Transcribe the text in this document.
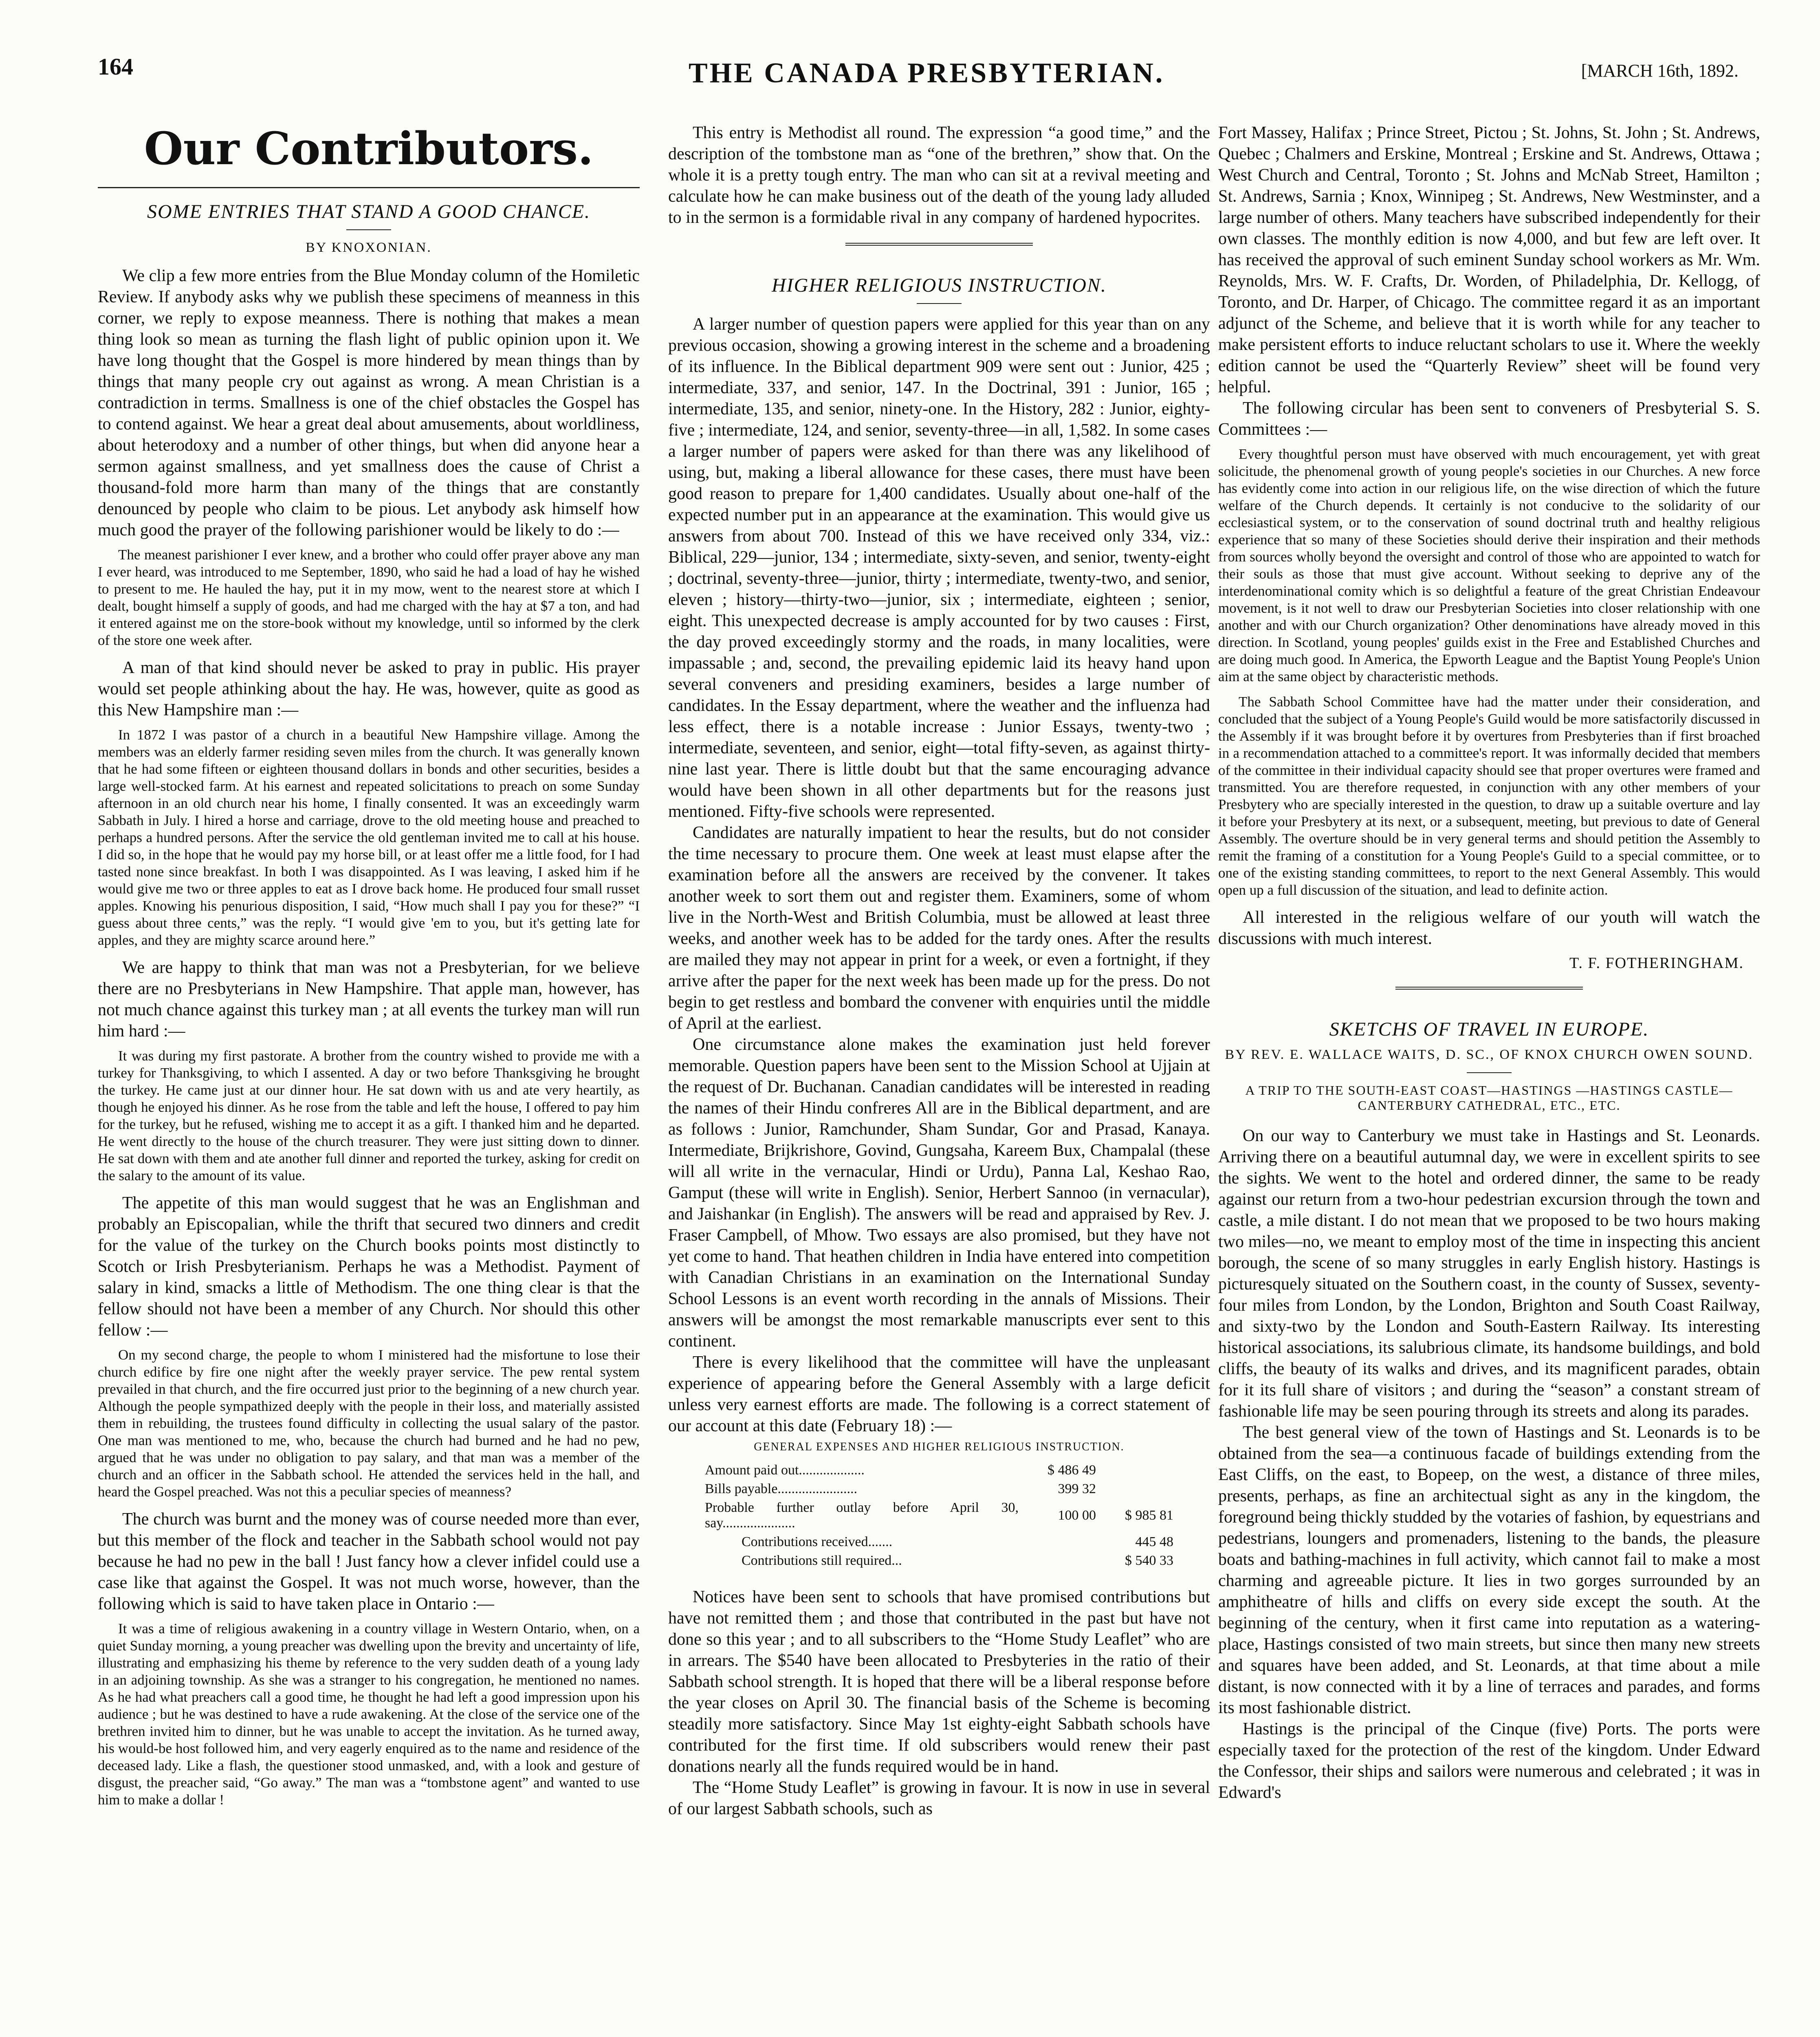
164	THE CANADA PRESBYTERIAN.	[MARCH 16th, 1892.
Our Contributors.
SOME ENTRIES THAT STAND A GOOD CHANCE.
BY KNOXONIAN.

We clip a few more entries from the Blue Monday column of the Homiletic Review. If anybody asks why we publish these specimens of meanness in this corner, we reply to expose meanness. There is nothing that makes a mean thing look so mean as turning the flash light of public opinion upon it. We have long thought that the Gospel is more hindered by mean things than by things that many people cry out against as wrong. A mean Christian is a contradiction in terms. Smallness is one of the chief obstacles the Gospel has to contend against. We hear a great deal about amusements, about worldliness, about heterodoxy and a number of other things, but when did anyone hear a sermon against smallness, and yet smallness does the cause of Christ a thousand-fold more harm than many of the things that are constantly denounced by people who claim to be pious. Let anybody ask himself how much good the prayer of the following parishioner would be likely to do :—

The meanest parishioner I ever knew, and a brother who could offer prayer above any man I ever heard, was introduced to me September, 1890, who said he had a load of hay he wished to present to me. He hauled the hay, put it in my mow, went to the nearest store at which I dealt, bought himself a supply of goods, and had me charged with the hay at $7 a ton, and had it entered against me on the store-book without my knowledge, until so informed by the clerk of the store one week after.

A man of that kind should never be asked to pray in public. His prayer would set people athinking about the hay. He was, however, quite as good as this New Hampshire man :—

In 1872 I was pastor of a church in a beautiful New Hampshire village. Among the members was an elderly farmer residing seven miles from the church. It was generally known that he had some fifteen or eighteen thousand dollars in bonds and other securities, besides a large well-stocked farm. At his earnest and repeated solicitations to preach on some Sunday afternoon in an old church near his home, I finally consented. It was an exceedingly warm Sabbath in July. I hired a horse and carriage, drove to the old meeting house and preached to perhaps a hundred persons. After the service the old gentleman invited me to call at his house. I did so, in the hope that he would pay my horse bill, or at least offer me a little food, for I had tasted none since breakfast. In both I was disappointed. As I was leaving, I asked him if he would give me two or three apples to eat as I drove back home. He produced four small russet apples. Knowing his penurious disposition, I said, “How much shall I pay you for these?” “I guess about three cents,” was the reply. “I would give 'em to you, but it's getting late for apples, and they are mighty scarce around here.”

We are happy to think that man was not a Presbyterian, for we believe there are no Presbyterians in New Hampshire. That apple man, however, has not much chance against this turkey man ; at all events the turkey man will run him hard :—

It was during my first pastorate. A brother from the country wished to provide me with a turkey for Thanksgiving, to which I assented. A day or two before Thanksgiving he brought the turkey. He came just at our dinner hour. He sat down with us and ate very heartily, as though he enjoyed his dinner. As he rose from the table and left the house, I offered to pay him for the turkey, but he refused, wishing me to accept it as a gift. I thanked him and he departed. He went directly to the house of the church treasurer. They were just sitting down to dinner. He sat down with them and ate another full dinner and reported the turkey, asking for credit on the salary to the amount of its value.

The appetite of this man would suggest that he was an Englishman and probably an Episcopalian, while the thrift that secured two dinners and credit for the value of the turkey on the Church books points most distinctly to Scotch or Irish Presbyterianism. Perhaps he was a Methodist. Payment of salary in kind, smacks a little of Methodism. The one thing clear is that the fellow should not have been a member of any Church. Nor should this other fellow :—

On my second charge, the people to whom I ministered had the misfortune to lose their church edifice by fire one night after the weekly prayer service. The pew rental system prevailed in that church, and the fire occurred just prior to the beginning of a new church year. Although the people sympathized deeply with the people in their loss, and materially assisted them in rebuilding, the trustees found difficulty in collecting the usual salary of the pastor. One man was mentioned to me, who, because the church had burned and he had no pew, argued that he was under no obligation to pay salary, and that man was a member of the church and an officer in the Sabbath school. He attended the services held in the hall, and heard the Gospel preached. Was not this a peculiar species of meanness?

The church was burnt and the money was of course needed more than ever, but this member of the flock and teacher in the Sabbath school would not pay because he had no pew in the ball ! Just fancy how a clever infidel could use a case like that against the Gospel. It was not much worse, however, than the following which is said to have taken place in Ontario :—

It was a time of religious awakening in a country village in Western Ontario, when, on a quiet Sunday morning, a young preacher was dwelling upon the brevity and uncertainty of life, illustrating and emphasizing his theme by reference to the very sudden death of a young lady in an adjoining township. As she was a stranger to his congregation, he mentioned no names. As he had what preachers call a good time, he thought he had left a good impression upon his audience ; but he was destined to have a rude awakening. At the close of the service one of the brethren invited him to dinner, but he was unable to accept the invitation. As he turned away, his would-be host followed him, and very eagerly enquired as to the name and residence of the deceased lady. Like a flash, the questioner stood unmasked, and, with a look and gesture of disgust, the preacher said, “Go away.” The man was a “tombstone agent” and wanted to use him to make a dollar !

This entry is Methodist all round. The expression “a good time,” and the description of the tombstone man as “one of the brethren,” show that. On the whole it is a pretty tough entry. The man who can sit at a revival meeting and calculate how he can make business out of the death of the young lady alluded to in the sermon is a formidable rival in any company of hardened hypocrites.

HIGHER RELIGIOUS INSTRUCTION.

A larger number of question papers were applied for this year than on any previous occasion, showing a growing interest in the scheme and a broadening of its influence. In the Biblical department 909 were sent out : Junior, 425 ; intermediate, 337, and senior, 147. In the Doctrinal, 391 : Junior, 165 ; intermediate, 135, and senior, ninety-one. In the History, 282 : Junior, eighty-five ; intermediate, 124, and senior, seventy-three—in all, 1,582. In some cases a larger number of papers were asked for than there was any likelihood of using, but, making a liberal allowance for these cases, there must have been good reason to prepare for 1,400 candidates. Usually about one-half of the expected number put in an appearance at the examination. This would give us answers from about 700. Instead of this we have received only 334, viz.: Biblical, 229—junior, 134 ; intermediate, sixty-seven, and senior, twenty-eight ; doctrinal, seventy-three—junior, thirty ; intermediate, twenty-two, and senior, eleven ; history—thirty-two—junior, six ; intermediate, eighteen ; senior, eight. This unexpected decrease is amply accounted for by two causes : First, the day proved exceedingly stormy and the roads, in many localities, were impassable ; and, second, the prevailing epidemic laid its heavy hand upon several conveners and presiding examiners, besides a large number of candidates. In the Essay department, where the weather and the influenza had less effect, there is a notable increase : Junior Essays, twenty-two ; intermediate, seventeen, and senior, eight—total fifty-seven, as against thirty-nine last year. There is little doubt but that the same encouraging advance would have been shown in all other departments but for the reasons just mentioned. Fifty-five schools were represented.

Candidates are naturally impatient to hear the results, but do not consider the time necessary to procure them. One week at least must elapse after the examination before all the answers are received by the convener. It takes another week to sort them out and register them. Examiners, some of whom live in the North-West and British Columbia, must be allowed at least three weeks, and another week has to be added for the tardy ones. After the results are mailed they may not appear in print for a week, or even a fortnight, if they arrive after the paper for the next week has been made up for the press. Do not begin to get restless and bombard the convener with enquiries until the middle of April at the earliest.

One circumstance alone makes the examination just held forever memorable. Question papers have been sent to the Mission School at Ujjain at the request of Dr. Buchanan. Canadian candidates will be interested in reading the names of their Hindu confreres All are in the Biblical department, and are as follows : Junior, Ramchunder, Sham Sundar, Gor and Prasad, Kanaya. Intermediate, Brijkrishore, Govind, Gungsaha, Kareem Bux, Champalal (these will all write in the vernacular, Hindi or Urdu), Panna Lal, Keshao Rao, Gamput (these will write in English). Senior, Herbert Sannoo (in vernacular), and Jaishankar (in English). The answers will be read and appraised by Rev. J. Fraser Campbell, of Mhow. Two essays are also promised, but they have not yet come to hand. That heathen children in India have entered into competition with Canadian Christians in an examination on the International Sunday School Lessons is an event worth recording in the annals of Missions. Their answers will be amongst the most remarkable manuscripts ever sent to this continent.

There is every likelihood that the committee will have the unpleasant experience of appearing before the General Assembly with a large deficit unless very earnest efforts are made. The following is a correct statement of our account at this date (February 18) :—

GENERAL EXPENSES AND HIGHER RELIGIOUS INSTRUCTION.
Amount paid out...................	$ 486 49	
Bills payable.......................	399 32	
Probable further outlay before April 30, say.....................	100 00	$ 985 81
Contributions received.......		445 48
Contributions still required...		$ 540 33

Notices have been sent to schools that have promised contributions but have not remitted them ; and those that contributed in the past but have not done so this year ; and to all subscribers to the “Home Study Leaflet” who are in arrears. The $540 have been allocated to Presbyteries in the ratio of their Sabbath school strength. It is hoped that there will be a liberal response before the year closes on April 30. The financial basis of the Scheme is becoming steadily more satisfactory. Since May 1st eighty-eight Sabbath schools have contributed for the first time. If old subscribers would renew their past donations nearly all the funds required would be in hand.

The “Home Study Leaflet” is growing in favour. It is now in use in several of our largest Sabbath schools, such as

Fort Massey, Halifax ; Prince Street, Pictou ; St. Johns, St. John ; St. Andrews, Quebec ; Chalmers and Erskine, Montreal ; Erskine and St. Andrews, Ottawa ; West Church and Central, Toronto ; St. Johns and McNab Street, Hamilton ; St. Andrews, Sarnia ; Knox, Winnipeg ; St. Andrews, New Westminster, and a large number of others. Many teachers have subscribed independently for their own classes. The monthly edition is now 4,000, and but few are left over. It has received the approval of such eminent Sunday school workers as Mr. Wm. Reynolds, Mrs. W. F. Crafts, Dr. Worden, of Philadelphia, Dr. Kellogg, of Toronto, and Dr. Harper, of Chicago. The committee regard it as an important adjunct of the Scheme, and believe that it is worth while for any teacher to make persistent efforts to induce reluctant scholars to use it. Where the weekly edition cannot be used the “Quarterly Review” sheet will be found very helpful.

The following circular has been sent to conveners of Presbyterial S. S. Committees :—

Every thoughtful person must have observed with much encouragement, yet with great solicitude, the phenomenal growth of young people's societies in our Churches. A new force has evidently come into action in our religious life, on the wise direction of which the future welfare of the Church depends. It certainly is not conducive to the solidarity of our ecclesiastical system, or to the conservation of sound doctrinal truth and healthy religious experience that so many of these Societies should derive their inspiration and their methods from sources wholly beyond the oversight and control of those who are appointed to watch for their souls as those that must give account. Without seeking to deprive any of the interdenominational comity which is so delightful a feature of the great Christian Endeavour movement, is it not well to draw our Presbyterian Societies into closer relationship with one another and with our Church organization? Other denominations have already moved in this direction. In Scotland, young peoples' guilds exist in the Free and Established Churches and are doing much good. In America, the Epworth League and the Baptist Young People's Union aim at the same object by characteristic methods.

The Sabbath School Committee have had the matter under their consideration, and concluded that the subject of a Young People's Guild would be more satisfactorily discussed in the Assembly if it was brought before it by overtures from Presbyteries than if first broached in a recommendation attached to a committee's report. It was informally decided that members of the committee in their individual capacity should see that proper overtures were framed and transmitted. You are therefore requested, in conjunction with any other members of your Presbytery who are specially interested in the question, to draw up a suitable overture and lay it before your Presbytery at its next, or a subsequent, meeting, but previous to date of General Assembly. The overture should be in very general terms and should petition the Assembly to remit the framing of a constitution for a Young People's Guild to a special committee, or to one of the existing standing committees, to report to the next General Assembly. This would open up a full discussion of the situation, and lead to definite action.

All interested in the religious welfare of our youth will watch the discussions with much interest.

T. F. FOTHERINGHAM.
SKETCHS OF TRAVEL IN EUROPE.
BY REV. E. WALLACE WAITS, D. SC., OF KNOX CHURCH OWEN SOUND.
A TRIP TO THE SOUTH-EAST COAST—HASTINGS —HASTINGS CASTLE—CANTERBURY CATHEDRAL, ETC., ETC.

On our way to Canterbury we must take in Hastings and St. Leonards. Arriving there on a beautiful autumnal day, we were in excellent spirits to see the sights. We went to the hotel and ordered dinner, the same to be ready against our return from a two-hour pedestrian excursion through the town and castle, a mile distant. I do not mean that we proposed to be two hours making two miles—no, we meant to employ most of the time in inspecting this ancient borough, the scene of so many struggles in early English history. Hastings is picturesquely situated on the Southern coast, in the county of Sussex, seventy-four miles from London, by the London, Brighton and South Coast Railway, and sixty-two by the London and South-Eastern Railway. Its interesting historical associations, its salubrious climate, its handsome buildings, and bold cliffs, the beauty of its walks and drives, and its magnificent parades, obtain for it its full share of visitors ; and during the “season” a constant stream of fashionable life may be seen pouring through its streets and along its parades.

The best general view of the town of Hastings and St. Leonards is to be obtained from the sea—a continuous facade of buildings extending from the East Cliffs, on the east, to Bopeep, on the west, a distance of three miles, presents, perhaps, as fine an architectual sight as any in the kingdom, the foreground being thickly studded by the votaries of fashion, by equestrians and pedestrians, loungers and promenaders, listening to the bands, the pleasure boats and bathing-machines in full activity, which cannot fail to make a most charming and agreeable picture. It lies in two gorges surrounded by an amphitheatre of hills and cliffs on every side except the south. At the beginning of the century, when it first came into reputation as a watering-place, Hastings consisted of two main streets, but since then many new streets and squares have been added, and St. Leonards, at that time about a mile distant, is now connected with it by a line of terraces and parades, and forms its most fashionable district.

Hastings is the principal of the Cinque (five) Ports. The ports were especially taxed for the protection of the rest of the kingdom. Under Edward the Confessor, their ships and sailors were numerous and celebrated ; it was in Edward's
